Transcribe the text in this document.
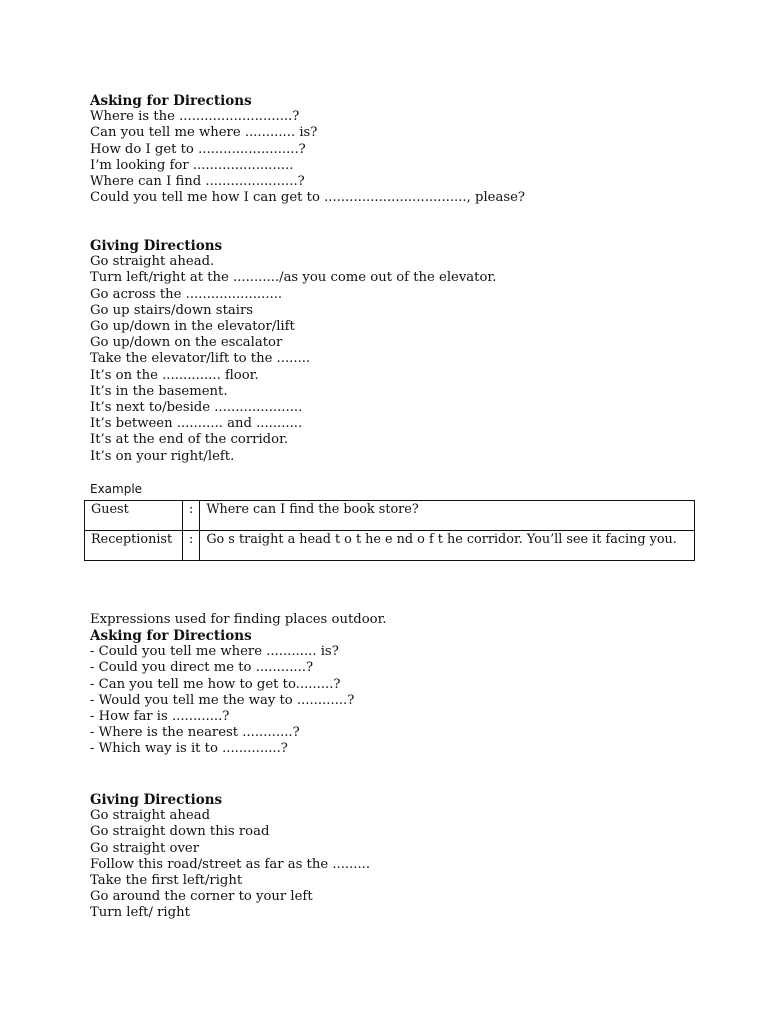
Asking for Directions
Where is the ...........................?
Can you tell me where ............ is?
How do I get to ........................?
I’m looking for ........................
Where can I find ......................?
Could you tell me how I can get to .................................., please?
Giving Directions
Go straight ahead.
Turn left/right at the .........../as you come out of the elevator.
Go across the .......................
Go up stairs/down stairs
Go up/down in the elevator/lift
Go up/down on the escalator
Take the elevator/lift to the ........
It’s on the .............. floor.
It’s in the basement.
It’s next to/beside .....................
It’s between ........... and ...........
It’s at the end of the corridor.
It’s on your right/left.
Example
Guest	:	Where can I find the book store?
Receptionist	:	Go s traight a head t o t he e nd o f t he corridor. You’ll see it facing you.
Expressions used for finding places outdoor.
Asking for Directions
- Could you tell me where ............ is?
- Could you direct me to ............?
- Can you tell me how to get to.........?
- Would you tell me the way to ............?
- How far is ............?
- Where is the nearest ............?
- Which way is it to ..............?
Giving Directions
Go straight ahead
Go straight down this road
Go straight over
Follow this road/street as far as the .........
Take the first left/right
Go around the corner to your left
Turn left/ right
